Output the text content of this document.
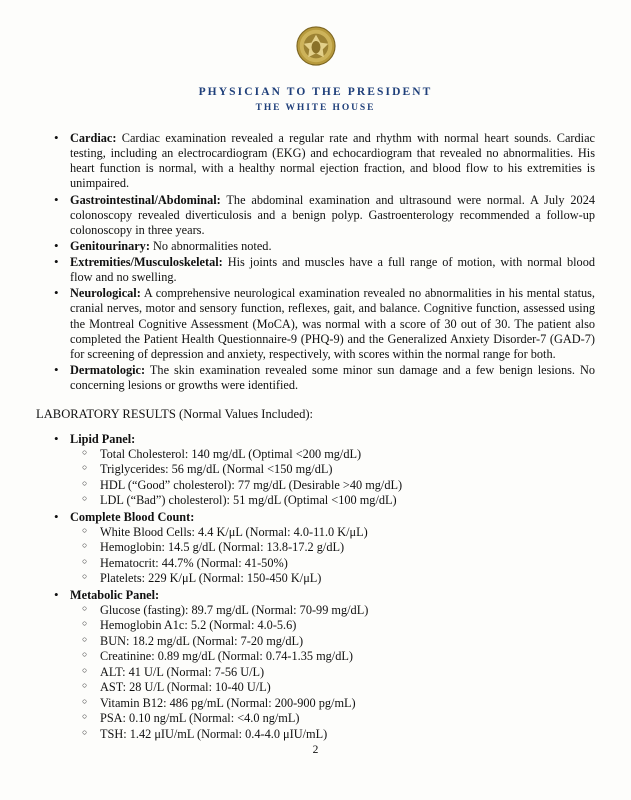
PHYSICIAN TO THE PRESIDENT
THE WHITE HOUSE
• Cardiac: Cardiac examination revealed a regular rate and rhythm with normal heart sounds. Cardiac testing, including an electrocardiogram (EKG) and echocardiogram that revealed no abnormalities. His heart function is normal, with a healthy normal ejection fraction, and blood flow to his extremities is unimpaired.
• Gastrointestinal/Abdominal: The abdominal examination and ultrasound were normal. A July 2024 colonoscopy revealed diverticulosis and a benign polyp. Gastroenterology recommended a follow-up colonoscopy in three years.
• Genitourinary: No abnormalities noted.
• Extremities/Musculoskeletal: His joints and muscles have a full range of motion, with normal blood flow and no swelling.
• Neurological: A comprehensive neurological examination revealed no abnormalities in his mental status, cranial nerves, motor and sensory function, reflexes, gait, and balance. Cognitive function, assessed using the Montreal Cognitive Assessment (MoCA), was normal with a score of 30 out of 30. The patient also completed the Patient Health Questionnaire-9 (PHQ-9) and the Generalized Anxiety Disorder-7 (GAD-7) for screening of depression and anxiety, respectively, with scores within the normal range for both.
• Dermatologic: The skin examination revealed some minor sun damage and a few benign lesions. No concerning lesions or growths were identified.
LABORATORY RESULTS (Normal Values Included):
• Lipid Panel:
○ Total Cholesterol: 140 mg/dL (Optimal <200 mg/dL)
○ Triglycerides: 56 mg/dL (Normal <150 mg/dL)
○ HDL (“Good” cholesterol): 77 mg/dL (Desirable >40 mg/dL)
○ LDL (“Bad”) cholesterol): 51 mg/dL (Optimal <100 mg/dL)
• Complete Blood Count:
○ White Blood Cells: 4.4 K/μL (Normal: 4.0-11.0 K/μL)
○ Hemoglobin: 14.5 g/dL (Normal: 13.8-17.2 g/dL)
○ Hematocrit: 44.7% (Normal: 41-50%)
○ Platelets: 229 K/μL (Normal: 150-450 K/μL)
• Metabolic Panel:
○ Glucose (fasting): 89.7 mg/dL (Normal: 70-99 mg/dL)
○ Hemoglobin A1c: 5.2 (Normal: 4.0-5.6)
○ BUN: 18.2 mg/dL (Normal: 7-20 mg/dL)
○ Creatinine: 0.89 mg/dL (Normal: 0.74-1.35 mg/dL)
○ ALT: 41 U/L (Normal: 7-56 U/L)
○ AST: 28 U/L (Normal: 10-40 U/L)
○ Vitamin B12: 486 pg/mL (Normal: 200-900 pg/mL)
○ PSA: 0.10 ng/mL (Normal: <4.0 ng/mL)
○ TSH: 1.42 μIU/mL (Normal: 0.4-4.0 μIU/mL)
2
